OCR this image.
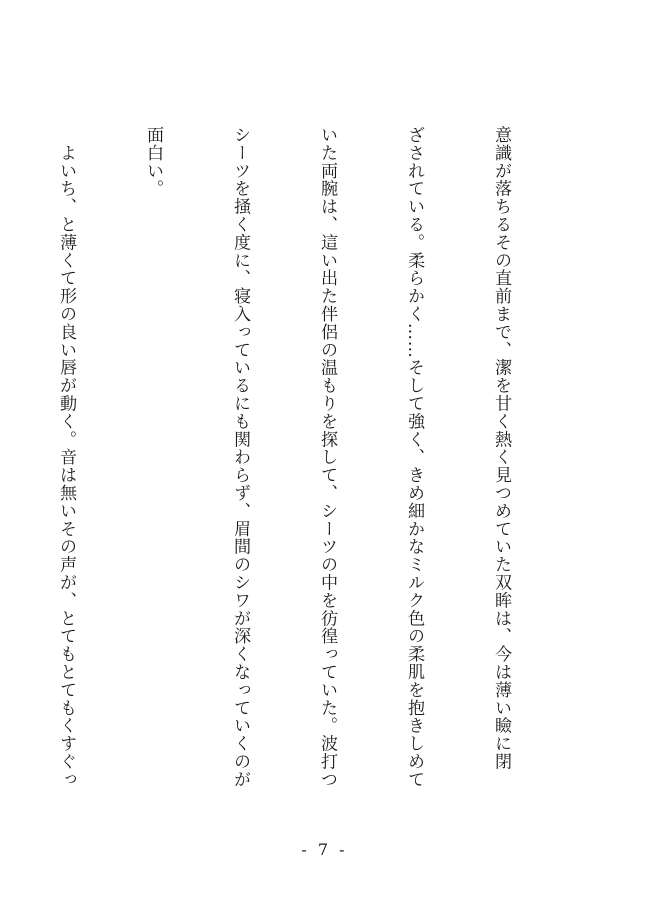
意識が落ちるその直前まで、潔を甘く熱く見つめていた双眸は、今は薄い瞼に閉

ざされている。柔らかく……そして強く、きめ細かなミルク色の柔肌を抱きしめて

いた両腕は、這い出た伴侶の温もりを探して、シーツの中を彷徨っていた。波打つ

シーツを掻く度に、寝入っているにも関わらず、眉間のシワが深くなっていくのが

面白い。

　よいち、と薄くて形の良い唇が動く。音は無いその声が、とてもとてもくすぐっ

- 7 -
